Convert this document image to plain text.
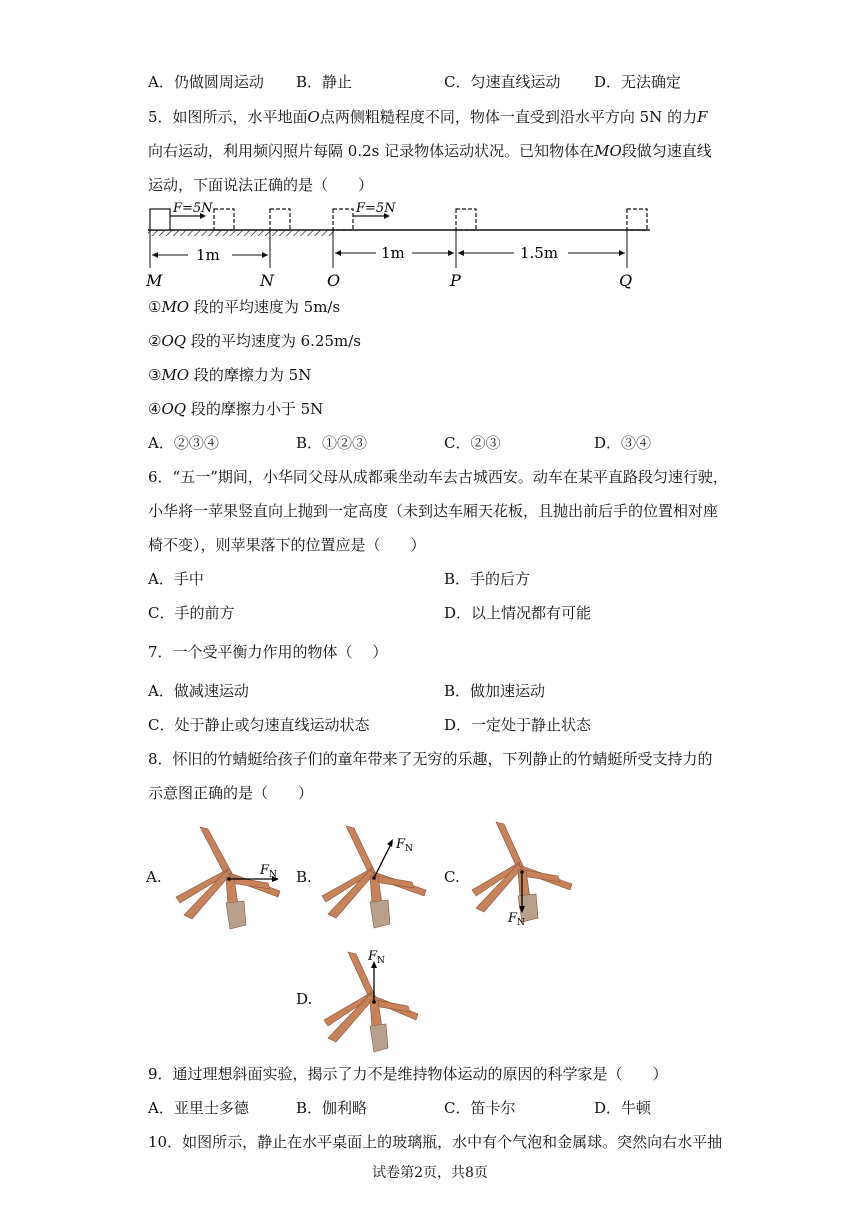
A．仍做圆周运动 B．静止	C．匀速直线运动 D．无法确定
5．如图所示，水平地面O点两侧粗糙程度不同，物体一直受到沿水平方向 5N 的力F
向右运动，利用频闪照片每隔 0.2s 记录物体运动状况。已知物体在MO段做匀速直线
运动，下面说法正确的是（　　）
F=5N	F=5N
1m	1m	1.5m
M	N	O	P	Q
①MO 段的平均速度为 5m/s
②OQ 段的平均速度为 6.25m/s
③MO 段的摩擦力为 5N
④OQ 段的摩擦力小于 5N
A．②③④	B．①②③	C．②③	D．③④
6．“五一”期间，小华同父母从成都乘坐动车去古城西安。动车在某平直路段匀速行驶，
小华将一苹果竖直向上抛到一定高度（未到达车厢天花板，且抛出前后手的位置相对座
椅不变），则苹果落下的位置应是（　　）
A．手中	B．手的后方
C．手的前方	D．以上情况都有可能
7．一个受平衡力作用的物体（　 ）
A．做减速运动	B．做加速运动
C．处于静止或匀速直线运动状态	D．一定处于静止状态
8．怀旧的竹蜻蜓给孩子们的童年带来了无穷的乐趣，下列静止的竹蜻蜓所受支持力的
示意图正确的是（　　）
A.	B.	C.
D.
$F_N$
$F_N$
$F_N$
$F_N$
9．通过理想斜面实验，揭示了力不是维持物体运动的原因的科学家是（　　）
A．亚里士多德	B．伽利略	C．笛卡尔	D．牛顿
10．如图所示，静止在水平桌面上的玻璃瓶，水中有个气泡和金属球。突然向右水平抽
试卷第2页，共8页
